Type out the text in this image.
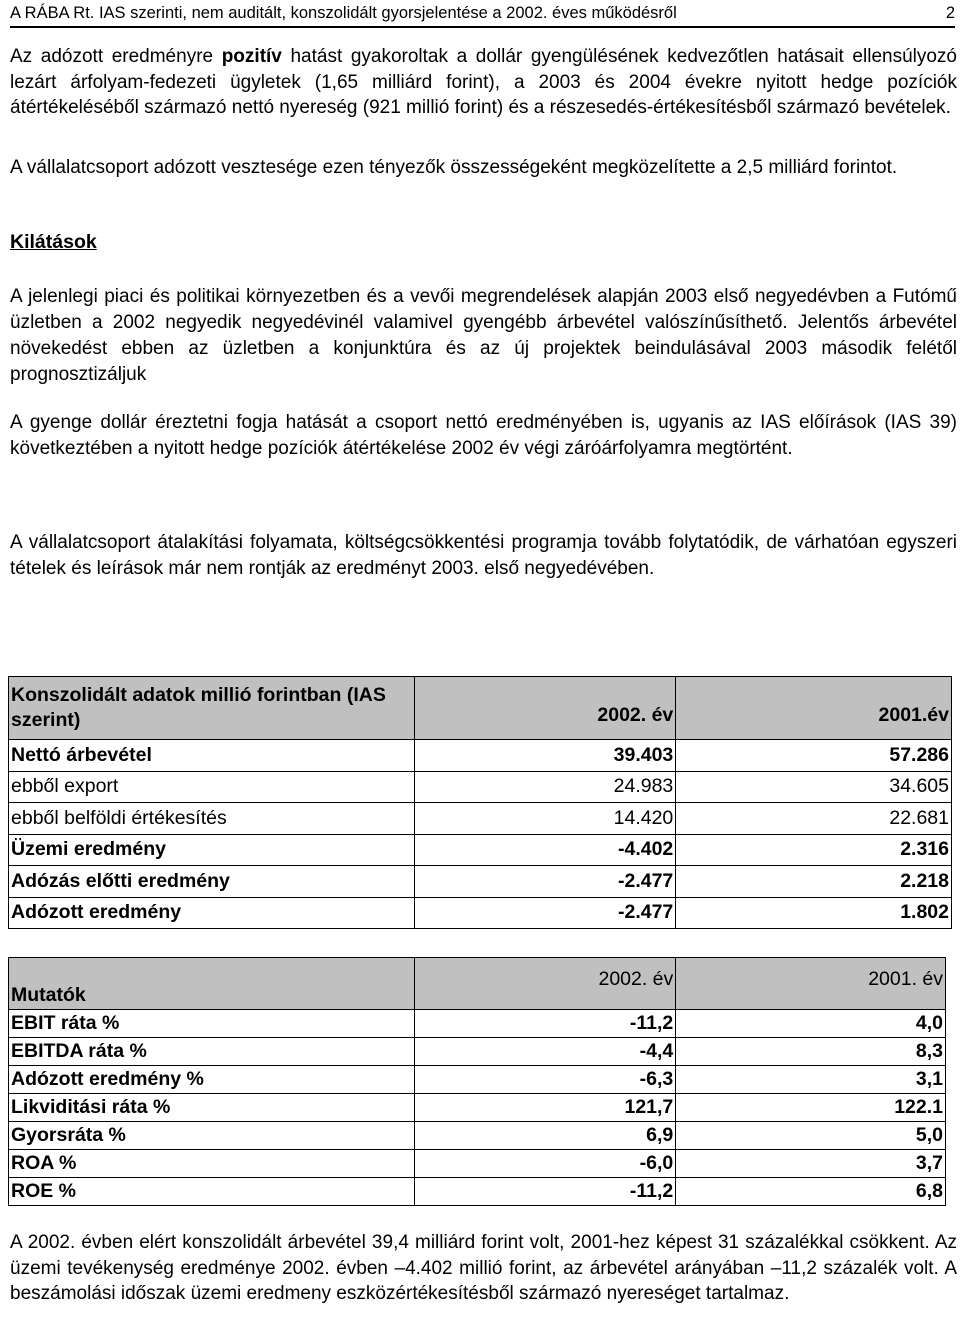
A RÁBA Rt. IAS szerinti, nem auditált, konszolidált gyorsjelentése a 2002. éves működésről	2

Az adózott eredményre pozitív hatást gyakoroltak a dollár gyengülésének kedvezőtlen hatásait ellensúlyozó lezárt árfolyam-fedezeti ügyletek (1,65 milliárd forint), a 2003 és 2004 évekre nyitott hedge pozíciók átértékeléséből származó nettó nyereség (921 millió forint) és a részesedés-értékesítésből származó bevételek.

A vállalatcsoport adózott vesztesége ezen tényezők összességeként megközelítette a 2,5 milliárd forintot.

Kilátások

A jelenlegi piaci és politikai környezetben és a vevői megrendelések alapján 2003 első negyedévben a Futómű üzletben a 2002 negyedik negyedévinél valamivel gyengébb árbevétel valószínűsíthető. Jelentős árbevétel növekedést ebben az üzletben a konjunktúra és az új projektek beindulásával 2003 második felétől prognosztizáljuk

A gyenge dollár éreztetni fogja hatását a csoport nettó eredményében is, ugyanis az IAS előírások (IAS 39) következtében a nyitott hedge pozíciók átértékelése 2002 év végi záróárfolyamra megtörtént.

A vállalatcsoport átalakítási folyamata, költségcsökkentési programja tovább folytatódik, de várhatóan egyszeri tételek és leírások már nem rontják az eredményt 2003. első negyedévében.

Konszolidált adatok millió forintban (IAS szerint)	2002. év	2001.év
Nettó árbevétel	39.403	57.286
ebből export	24.983	34.605
ebből belföldi értékesítés	14.420	22.681
Üzemi eredmény	-4.402	2.316
Adózás előtti eredmény	-2.477	2.218
Adózott eredmény	-2.477	1.802
Mutatók	2002. év	2001. év
EBIT ráta %	-11,2	4,0
EBITDA ráta %	-4,4	8,3
Adózott eredmény %	-6,3	3,1
Likviditási ráta %	121,7	122.1
Gyorsráta %	6,9	5,0
ROA %	-6,0	3,7
ROE %	-11,2	6,8

A 2002. évben elért konszolidált árbevétel 39,4 milliárd forint volt, 2001-hez képest 31 százalékkal csökkent. Az üzemi tevékenység eredménye 2002. évben –4.402 millió forint, az árbevétel arányában –11,2 százalék volt. A beszámolási időszak üzemi eredmeny eszközértékesítésből származó nyereséget tartalmaz.
